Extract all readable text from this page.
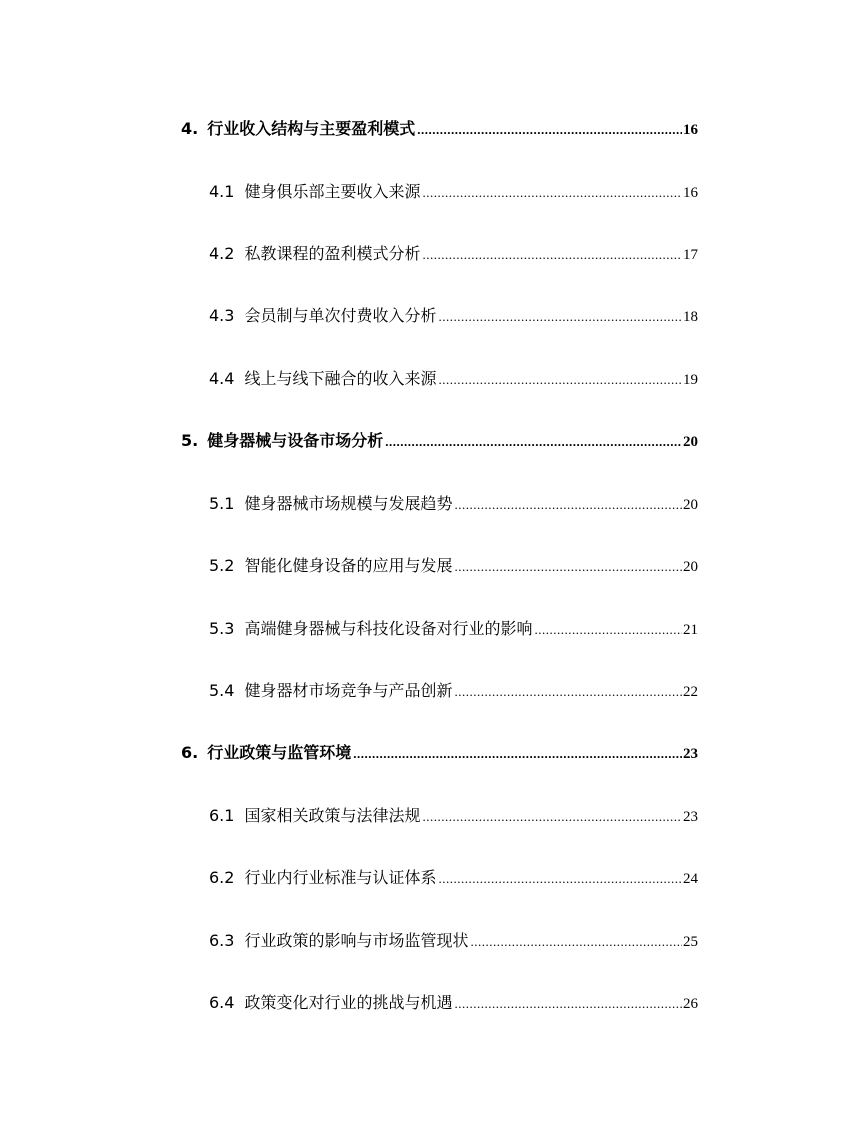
4. 行业收入结构与主要盈利模式 .....	16
4.1 健身俱乐部主要收入来源 .....	16
4.2 私教课程的盈利模式分析 .....	17
4.3 会员制与单次付费收入分析 .....	18
4.4 线上与线下融合的收入来源 .....	19
5. 健身器械与设备市场分析 .....	20
5.1 健身器械市场规模与发展趋势 .....	20
5.2 智能化健身设备的应用与发展 .....	20
5.3 高端健身器械与科技化设备对行业的影响 .....	21
5.4 健身器材市场竞争与产品创新 .....	22
6. 行业政策与监管环境 .....	23
6.1 国家相关政策与法律法规 .....	23
6.2 行业内行业标准与认证体系 .....	24
6.3 行业政策的影响与市场监管现状 .....	25
6.4 政策变化对行业的挑战与机遇 .....	26
